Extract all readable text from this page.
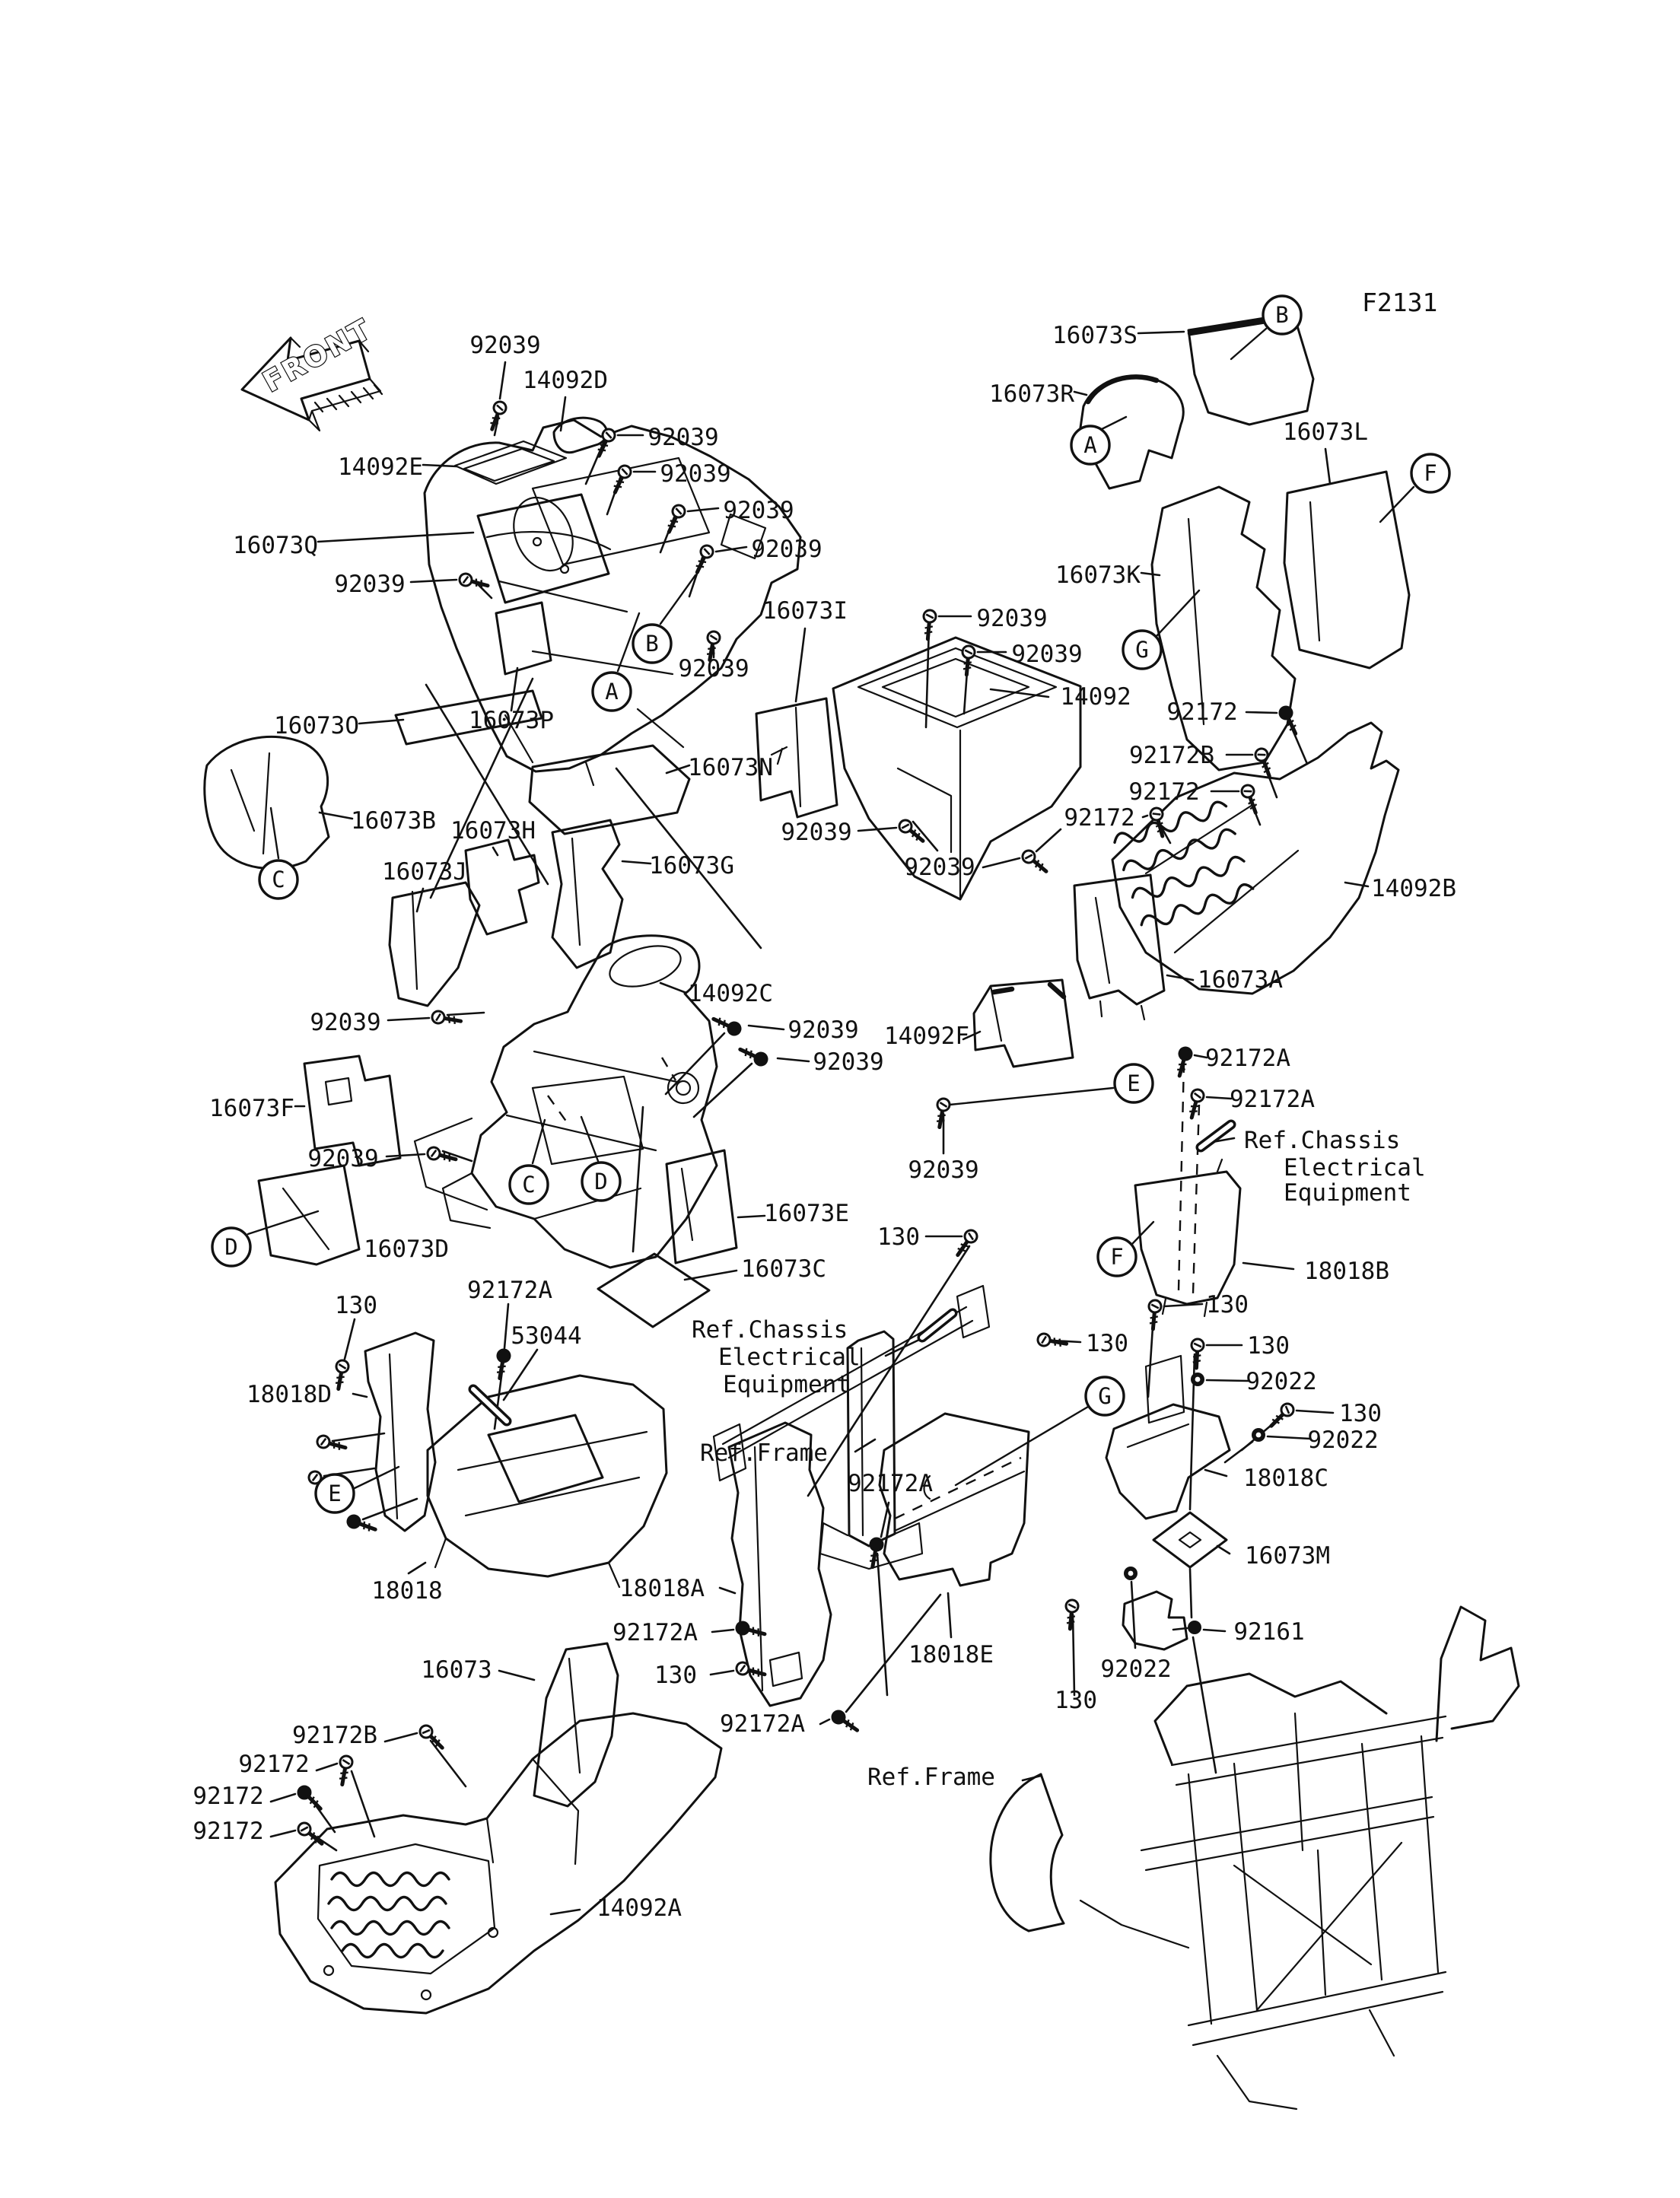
FRONT
B
A
B
A
F
G
C
C	D
D
E
E
F
G
92039
14092D
92039
92039
92039
92039
14092E
16073Q
92039
92039
16073P
16073O
16073N
16073B 16073H
16073J	16073G
16073I	92039
92039
14092
92039
92039
16073S
16073R
16073L
16073K
92172
92172B
92172
92172
14092B
16073A
14092C
92039	92039
92039
14092F
92039
92172A
92172A
Ref.Chassis
Electrical
Equipment
16073F
92039
16073D
16073E
16073C
Ref.Chassis
Electrical
Equipment
130
18018B
130
130	130
92022
130
92022
18018C
16073M
92161
92172A
130
53044
18018D
Ref.Frame
92172A
18018A
92172A
130
92172A
18018
18018E
92022
130
16073
14092A
Ref.Frame
92172B
92172
92172
92172
F2131
